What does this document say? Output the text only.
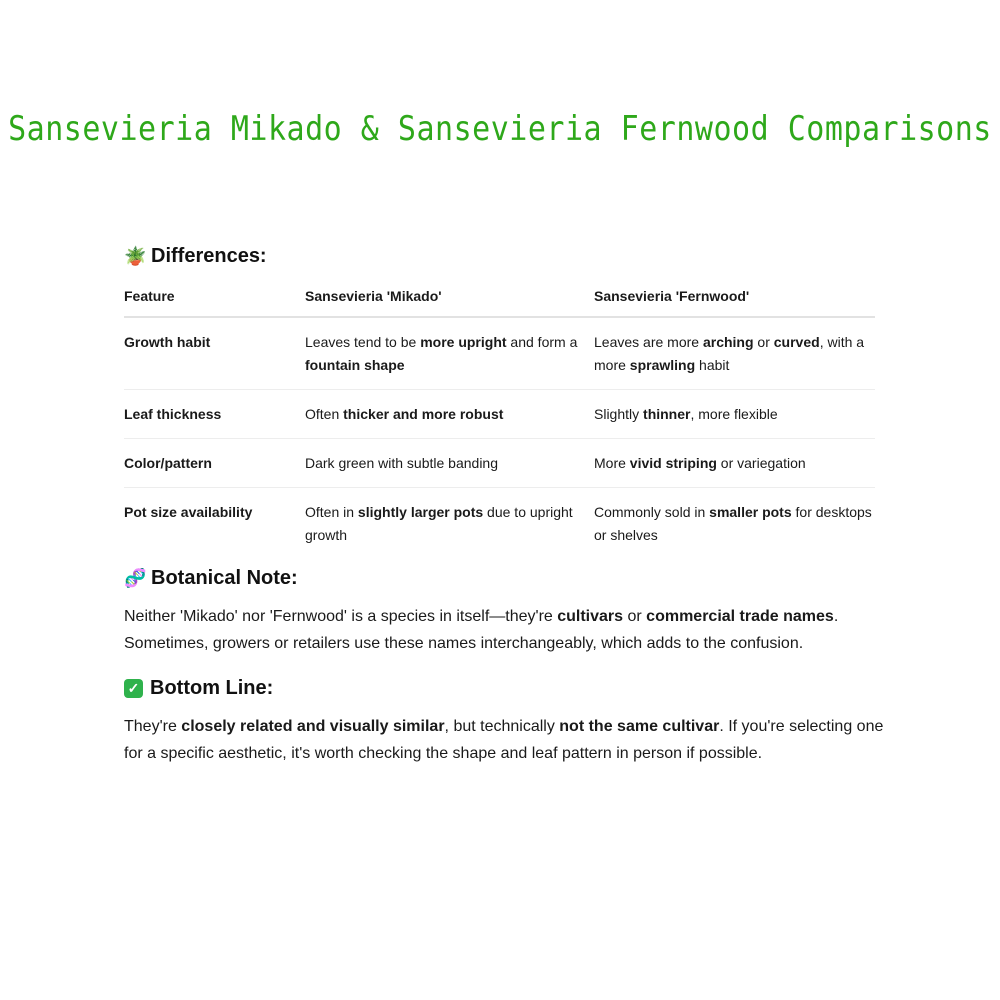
Sansevieria Mikado & Sansevieria Fernwood Comparisons
🪴 Differences:
Feature	Sansevieria 'Mikado'	Sansevieria 'Fernwood'
Growth habit	Leaves tend to be more upright and form a fountain shape	Leaves are more arching or curved, with a more sprawling habit
Leaf thickness	Often thicker and more robust	Slightly thinner, more flexible
Color/pattern	Dark green with subtle banding	More vivid striping or variegation
Pot size availability	Often in slightly larger pots due to upright growth	Commonly sold in smaller pots for desktops or shelves
🧬 Botanical Note:
Neither 'Mikado' nor 'Fernwood' is a species in itself—they're cultivars or commercial trade names. Sometimes, growers or retailers use these names interchangeably, which adds to the confusion.
✓ Bottom Line:
They're closely related and visually similar, but technically not the same cultivar. If you're selecting one for a specific aesthetic, it's worth checking the shape and leaf pattern in person if possible.
